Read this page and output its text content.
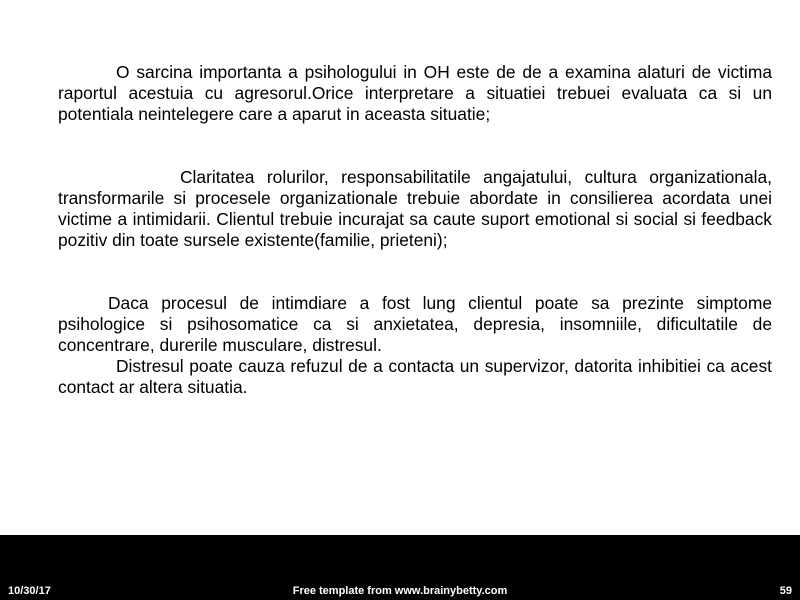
O sarcina importanta a psihologului in OH este de de a examina alaturi de victima raportul acestuia cu agresorul.Orice interpretare a situatiei trebuei evaluata ca si un potentiala neintelegere care a aparut in aceasta situatie;

Claritatea rolurilor, responsabilitatile angajatului, cultura organizationala, transformarile si procesele organizationale trebuie abordate in consilierea acordata unei victime a intimidarii. Clientul trebuie incurajat sa caute suport emotional si social si feedback pozitiv din toate sursele existente(familie, prieteni);

Daca procesul de intimdiare a fost lung clientul poate sa prezinte simptome psihologice si psihosomatice ca si anxietatea, depresia, insomniile, dificultatile de concentrare, durerile musculare, distresul.

Distresul poate cauza refuzul de a contacta un supervizor, datorita inhibitiei ca acest contact ar altera situatia.

Free template from www.brainybetty.com
10/30/17	59
